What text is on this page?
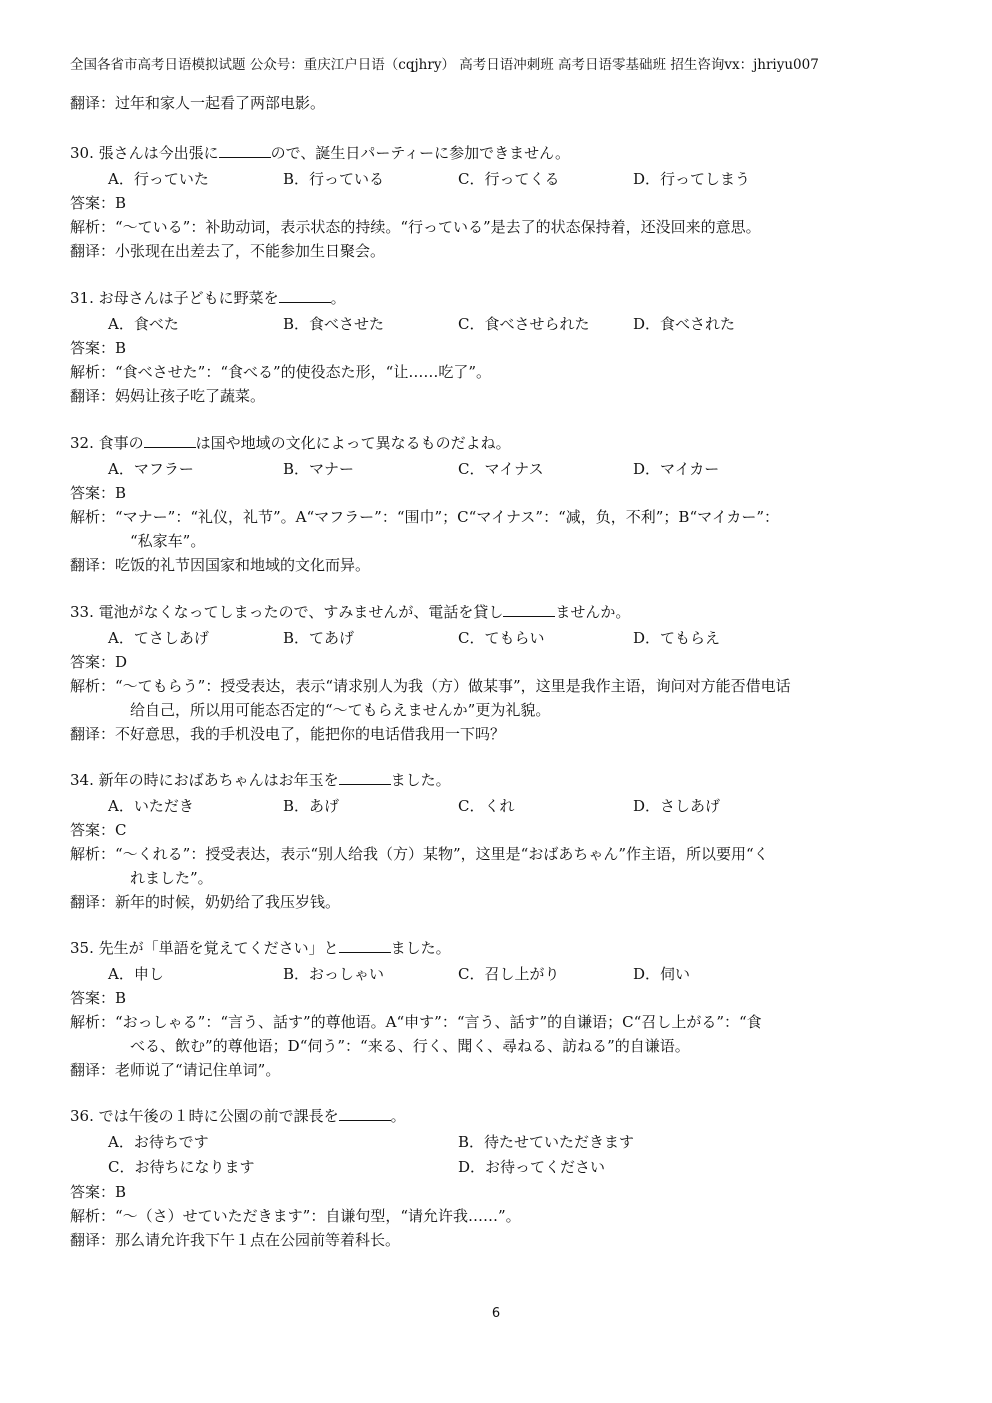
全国各省市高考日语模拟试题 公众号：重庆江户日语（cqjhry） 高考日语冲刺班 高考日语零基础班 招生咨询vx：jhriyu007
翻译：过年和家人一起看了两部电影。
30. 張さんは今出張に	ので、誕生日パーティーに参加できません。
A．行っていた	B．行っている	C．行ってくる	D．行ってしまう
答案：B
解析：“～ている”：补助动词，表示状态的持续。“行っている”是去了的状态保持着，还没回来的意思。
翻译：小张现在出差去了，不能参加生日聚会。
31. お母さんは子どもに野菜を	。
A．食べた	B．食べさせた	C．食べさせられた	D．食べされた
答案：B
解析：“食べさせた”：“食べる”的使役态た形，“让……吃了”。
翻译：妈妈让孩子吃了蔬菜。
32. 食事の	は国や地域の文化によって異なるものだよね。
A．マフラー	B．マナー	C．マイナス	D．マイカー
答案：B
解析：“マナー”：“礼仪，礼节”。A“マフラー”：“围巾”；C“マイナス”：“减，负，不利”；B“マイカー”：
“私家车”。
翻译：吃饭的礼节因国家和地域的文化而异。
33. 電池がなくなってしまったので、すみませんが、電話を貸し	ませんか。
A．てさしあげ	B．てあげ	C．てもらい	D．てもらえ
答案：D
解析：“～てもらう”：授受表达，表示“请求别人为我（方）做某事”，这里是我作主语，询问对方能否借电话
给自己，所以用可能态否定的“～てもらえませんか”更为礼貌。
翻译：不好意思，我的手机没电了，能把你的电话借我用一下吗？
34. 新年の時におばあちゃんはお年玉を	ました。
A．いただき	B．あげ	C．くれ	D．さしあげ
答案：C
解析：“～くれる”：授受表达，表示“别人给我（方）某物”，这里是“おばあちゃん”作主语，所以要用“く
れました”。
翻译：新年的时候，奶奶给了我压岁钱。
35. 先生が「単語を覚えてください」と	ました。
A．申し	B．おっしゃい	C．召し上がり	D．伺い
答案：B
解析：“おっしゃる”：“言う、話す”的尊他语。A“申す”：“言う、話す”的自谦语；C“召し上がる”：“食
べる、飲む”的尊他语；D“伺う”：“来る、行く、聞く、尋ねる、訪ねる”的自谦语。
翻译：老师说了“请记住单词”。
36. では午後の１時に公園の前で課長を	。
A．お待ちです	B．待たせていただきます
C．お待ちになります	D．お待ってください
答案：B
解析：“～（さ）せていただきます”：自谦句型，“请允许我……”。
翻译：那么请允许我下午１点在公园前等着科长。
6
